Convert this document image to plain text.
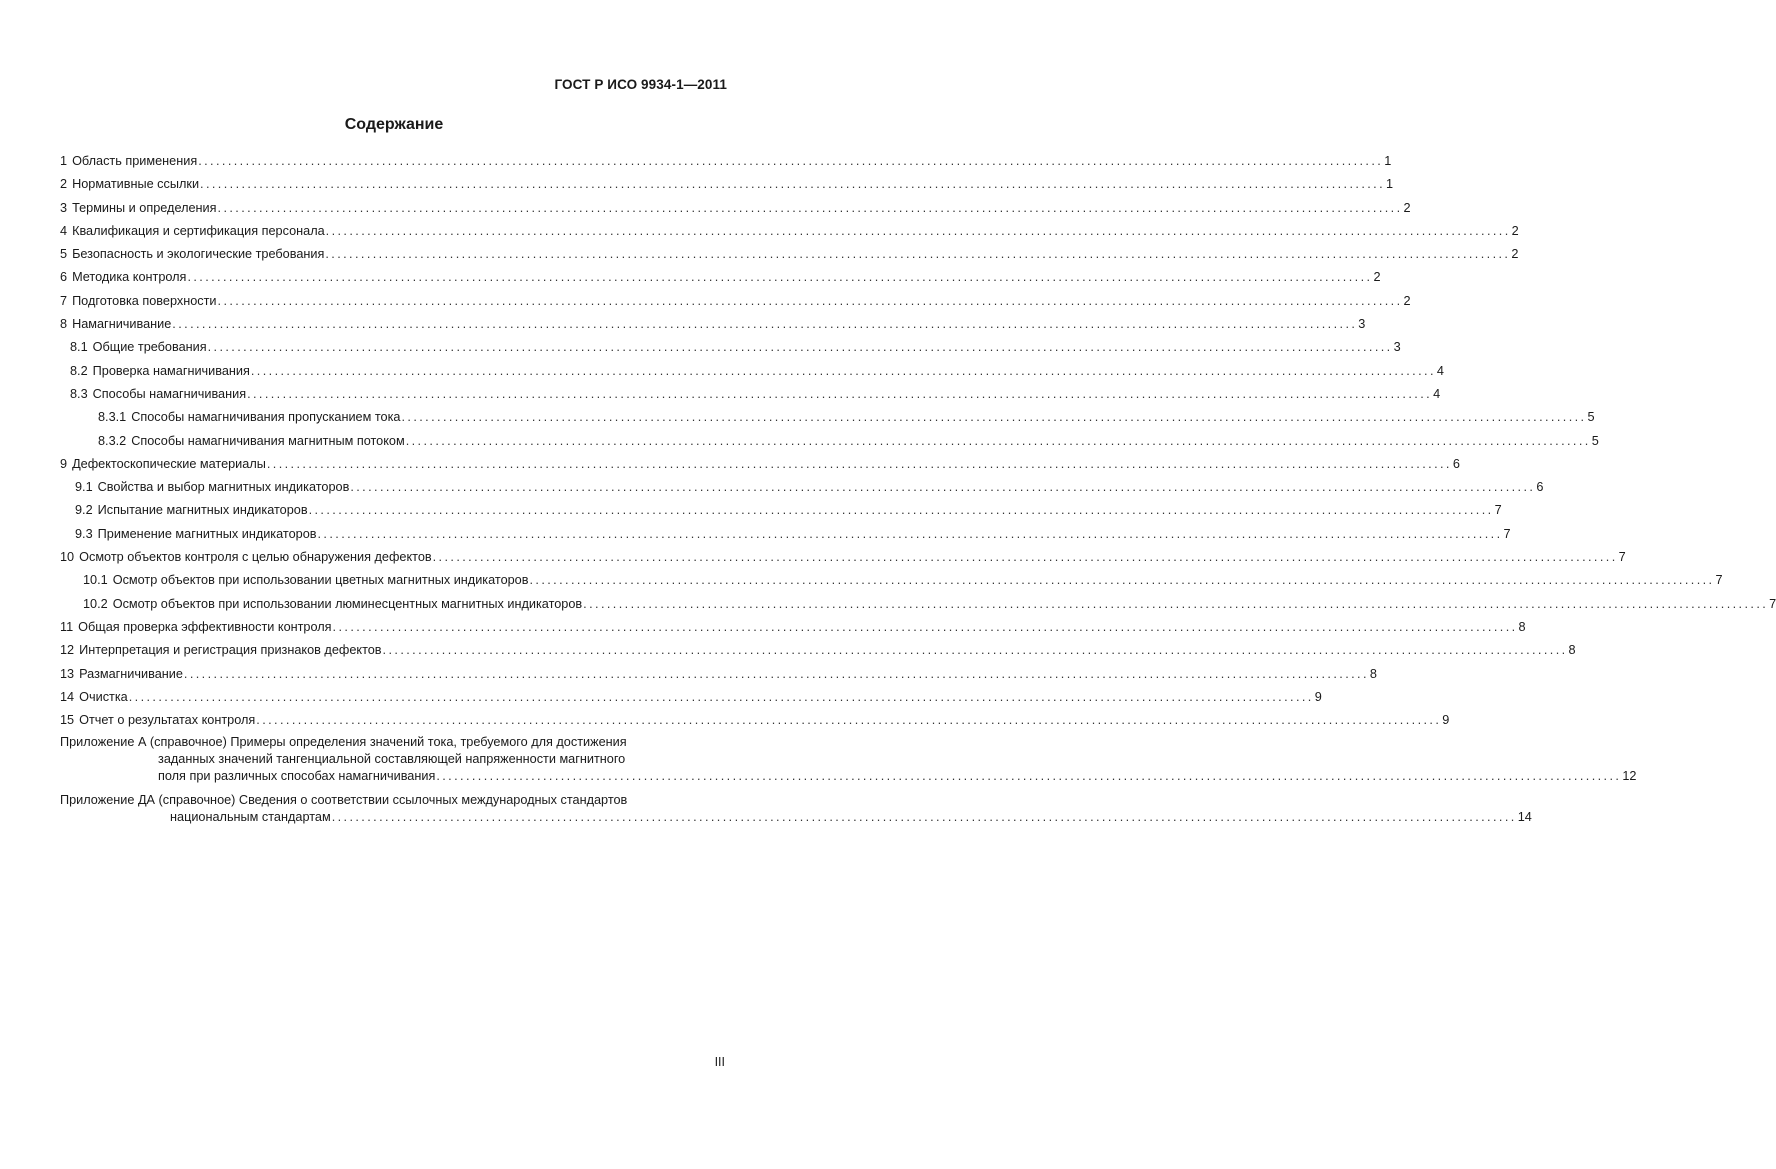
ГОСТ Р ИСО 9934-1—2011
Содержание
1 Область применения ........................................................................................................................................................................................................ 1
2 Нормативные ссылки ........................................................................................................................................................................................................ 1
3 Термины и определения ........................................................................................................................................................................................................ 2
4 Квалификация и сертификация персонала ........................................................................................................................................................................................................ 2
5 Безопасность и экологические требования ........................................................................................................................................................................................................ 2
6 Методика контроля ........................................................................................................................................................................................................ 2
7 Подготовка поверхности ........................................................................................................................................................................................................ 2
8 Намагничивание ........................................................................................................................................................................................................ 3
8.1 Общие требования ........................................................................................................................................................................................................ 3
8.2 Проверка намагничивания ........................................................................................................................................................................................................ 4
8.3 Способы намагничивания ........................................................................................................................................................................................................ 4
8.3.1 Способы намагничивания пропусканием тока ........................................................................................................................................................................................................ 5
8.3.2 Способы намагничивания магнитным потоком ........................................................................................................................................................................................................ 5
9 Дефектоскопические материалы ........................................................................................................................................................................................................ 6
9.1 Свойства и выбор магнитных индикаторов ........................................................................................................................................................................................................ 6
9.2 Испытание магнитных индикаторов ........................................................................................................................................................................................................ 7
9.3 Применение магнитных индикаторов ........................................................................................................................................................................................................ 7
10 Осмотр объектов контроля с целью обнаружения дефектов ........................................................................................................................................................................................................ 7
10.1 Осмотр объектов при использовании цветных магнитных индикаторов ........................................................................................................................................................................................................ 7
10.2 Осмотр объектов при использовании люминесцентных магнитных индикаторов ........................................................................................................................................................................................................ 7
11 Общая проверка эффективности контроля ........................................................................................................................................................................................................ 8
12 Интерпретация и регистрация признаков дефектов ........................................................................................................................................................................................................ 8
13 Размагничивание ........................................................................................................................................................................................................ 8
14 Очистка ........................................................................................................................................................................................................ 9
15 Отчет о результатах контроля ........................................................................................................................................................................................................ 9
Приложение А (справочное) Примеры определения значений тока, требуемого для достижения
заданных значений тангенциальной составляющей напряженности магнитного
поля при различных способах намагничивания ........................................................................................................................................................................................................ 12
Приложение ДА (справочное) Сведения о соответствии ссылочных международных стандартов
национальным стандартам ........................................................................................................................................................................................................ 14
III
